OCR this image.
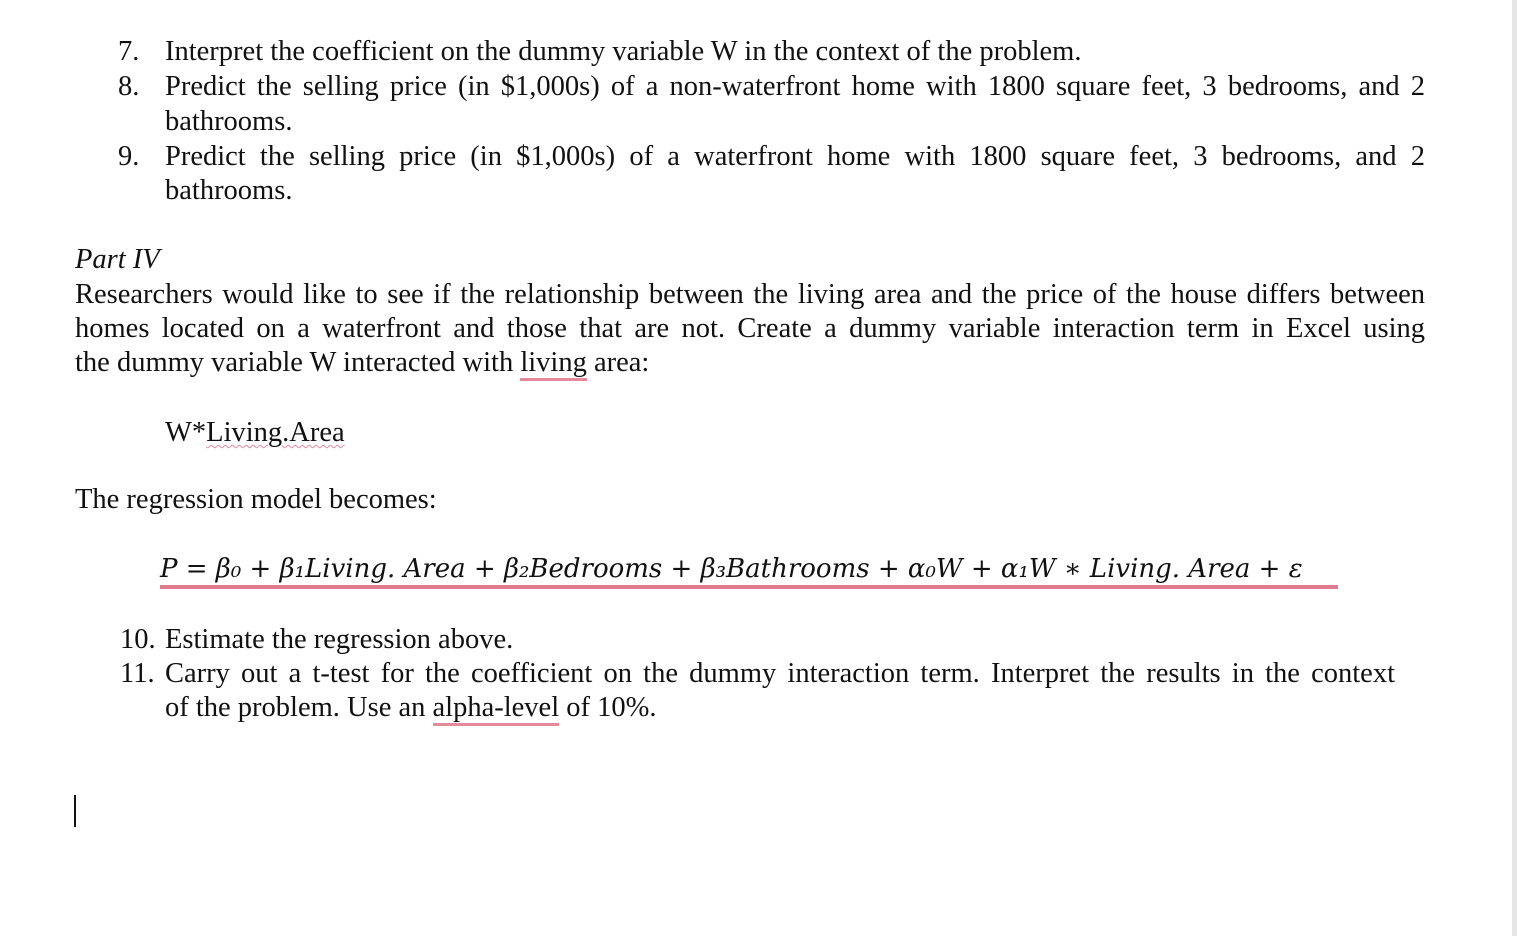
7. Interpret the coefficient on the dummy variable W in the context of the problem.
8. Predict the selling price (in $1,000s) of a non-waterfront home with 1800 square feet, 3 bedrooms, and 2
bathrooms.
9. Predict the selling price (in $1,000s) of a waterfront home with 1800 square feet, 3 bedrooms, and 2
bathrooms.
Part IV
Researchers would like to see if the relationship between the living area and the price of the house differs between
homes located on a waterfront and those that are not. Create a dummy variable interaction term in Excel using
the dummy variable W interacted with living area:
W*Living.Area
The regression model becomes:
P = β₀ + β₁Living. Area + β₂Bedrooms + β₃Bathrooms + α₀W + α₁W ∗ Living. Area + ε
10. Estimate the regression above.
11. Carry out a t-test for the coefficient on the dummy interaction term. Interpret the results in the context
of the problem. Use an alpha-level of 10%.
